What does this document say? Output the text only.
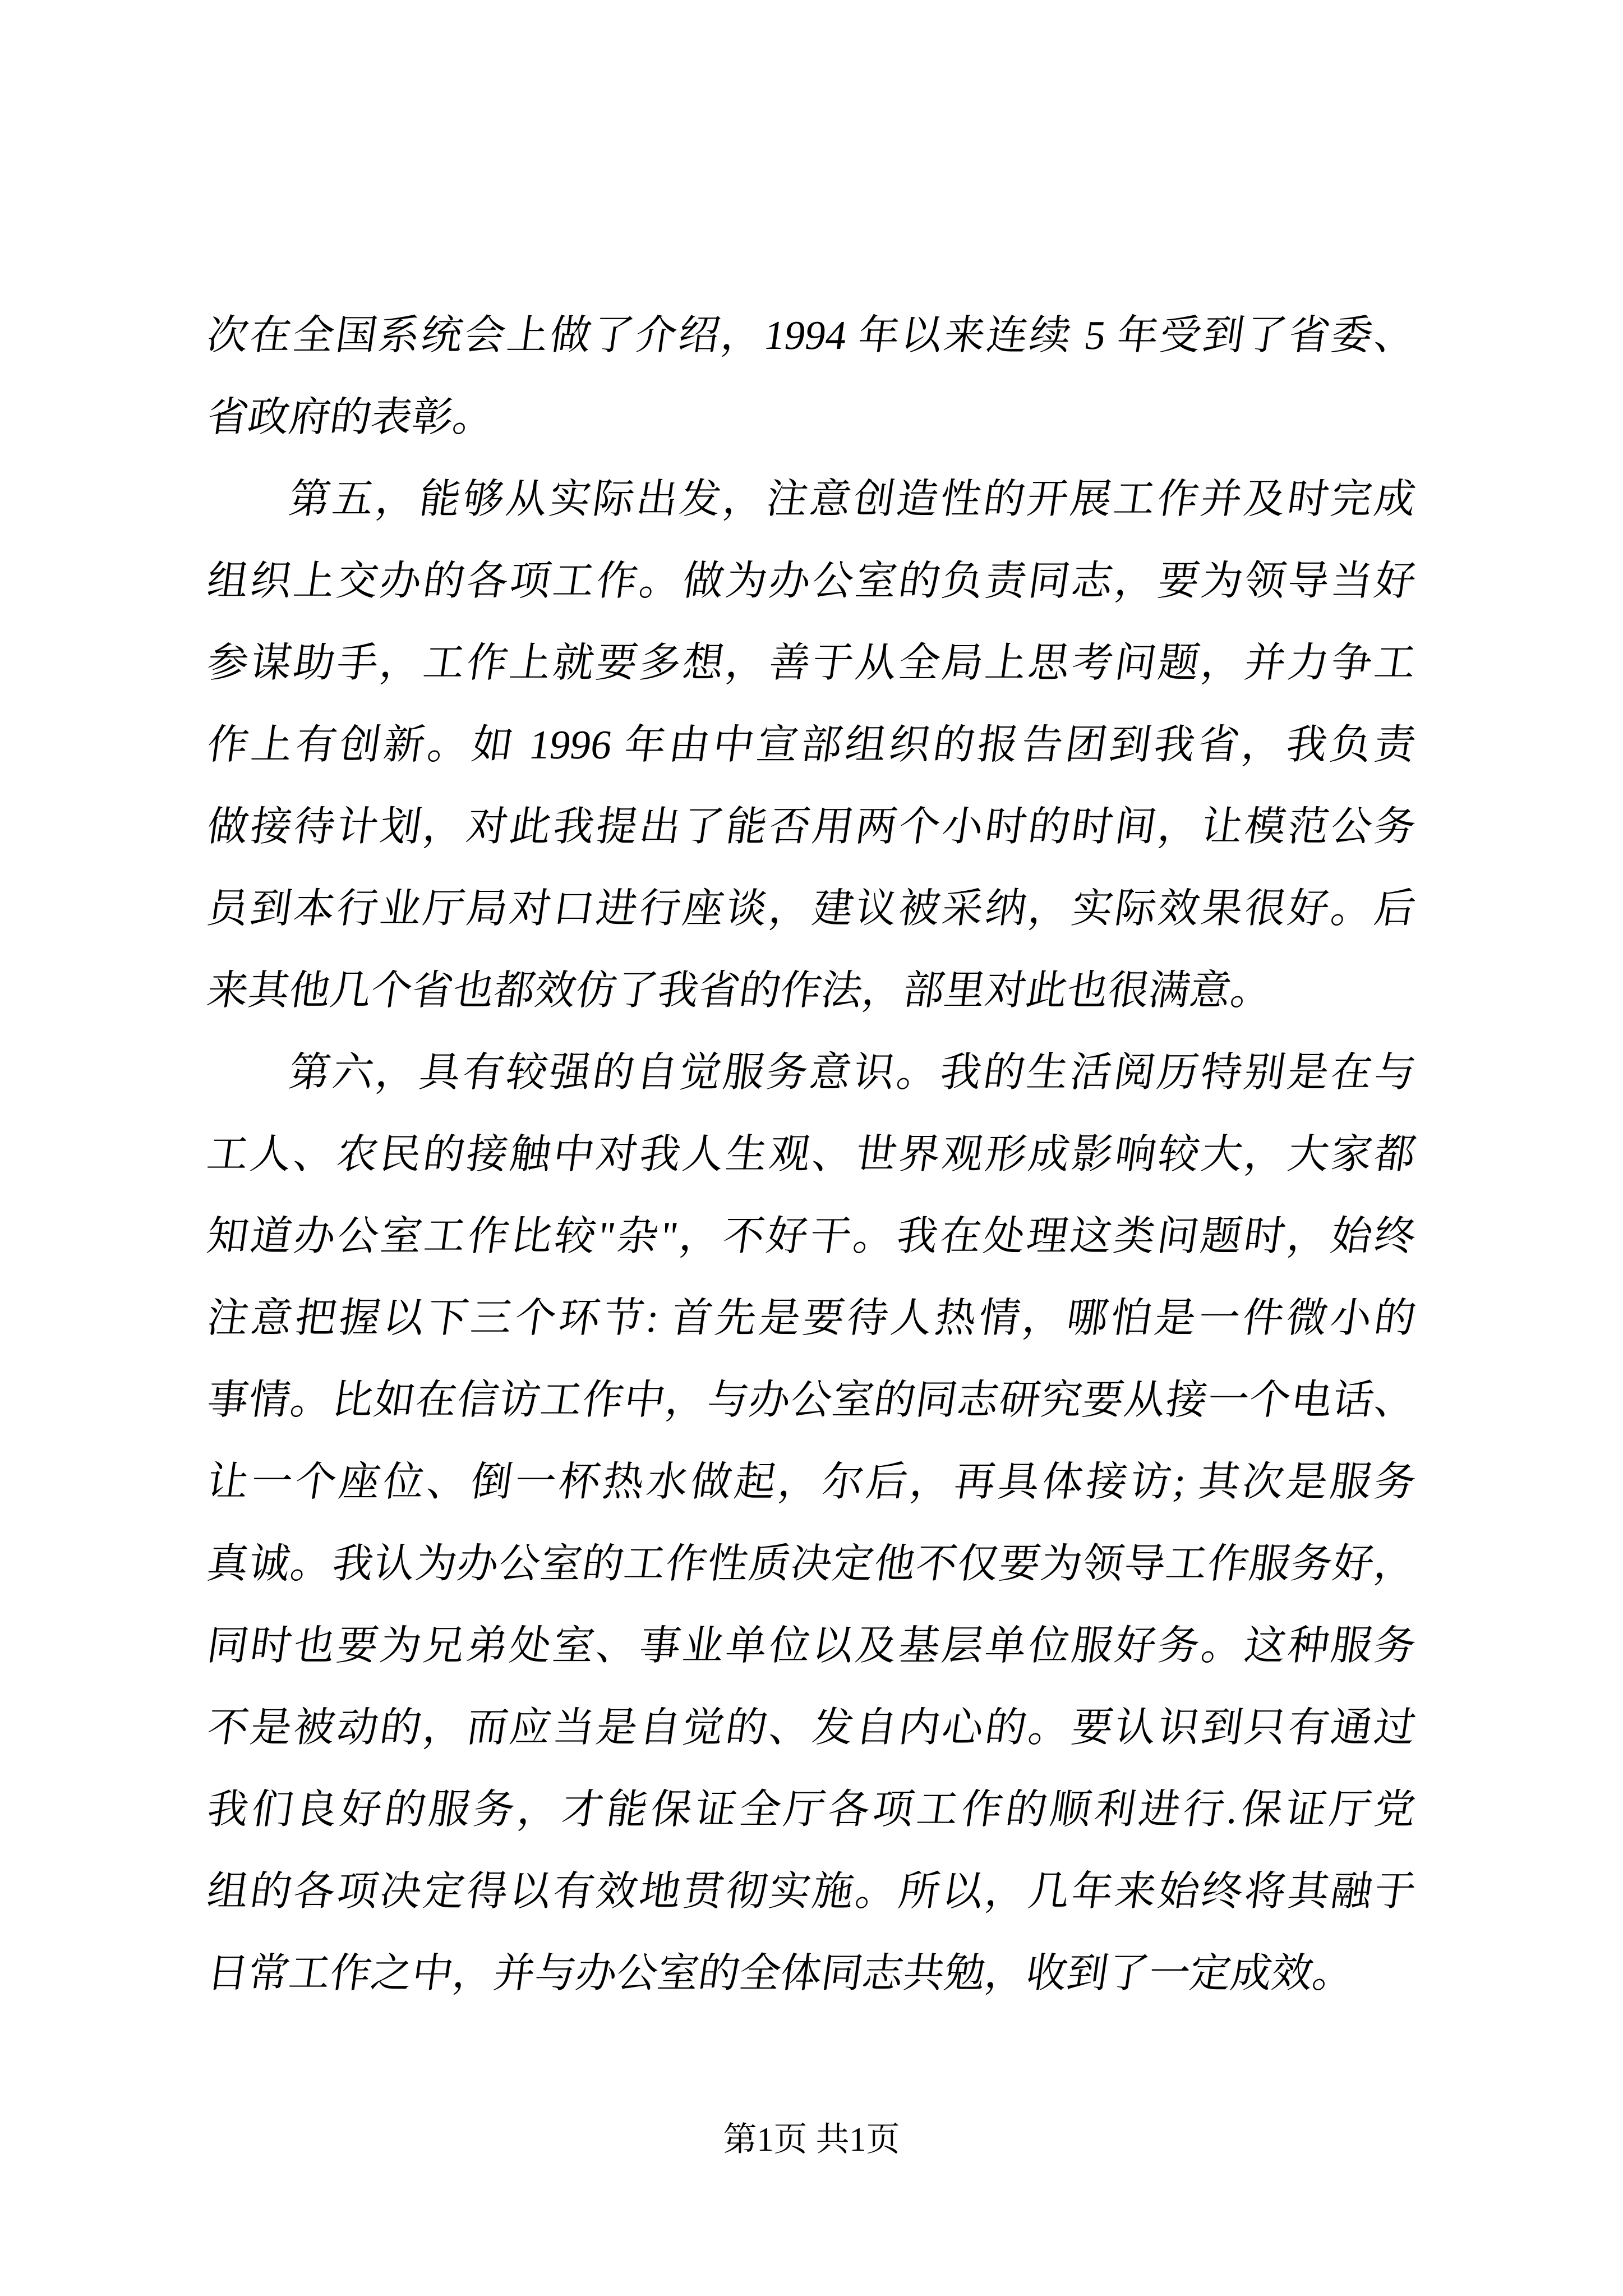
次在全国系统会上做了介绍，1994 年以来连续 5 年受到了省委、
省政府的表彰。
第五，能够从实际出发，注意创造性的开展工作并及时完成
组织上交办的各项工作。做为办公室的负责同志，要为领导当好
参谋助手，工作上就要多想，善于从全局上思考问题，并力争工
作上有创新。如 1996 年由中宣部组织的报告团到我省，我负责
做接待计划，对此我提出了能否用两个小时的时间，让模范公务
员到本行业厅局对口进行座谈，建议被采纳，实际效果很好。后
来其他几个省也都效仿了我省的作法，部里对此也很满意。
第六，具有较强的自觉服务意识。我的生活阅历特别是在与
工人、农民的接触中对我人生观、世界观形成影响较大，大家都
知道办公室工作比较"杂"，不好干。我在处理这类问题时，始终
注意把握以下三个环节: 首先是要待人热情，哪怕是一件微小的
事情。比如在信访工作中，与办公室的同志研究要从接一个电话、
让一个座位、倒一杯热水做起，尔后，再具体接访; 其次是服务
真诚。我认为办公室的工作性质决定他不仅要为领导工作服务好，
同时也要为兄弟处室、事业单位以及基层单位服好务。这种服务
不是被动的，而应当是自觉的、发自内心的。要认识到只有通过
我们良好的服务，才能保证全厅各项工作的顺利进行.保证厅党
组的各项决定得以有效地贯彻实施。所以，几年来始终将其融于
日常工作之中，并与办公室的全体同志共勉，收到了一定成效。
第1页 共1页
